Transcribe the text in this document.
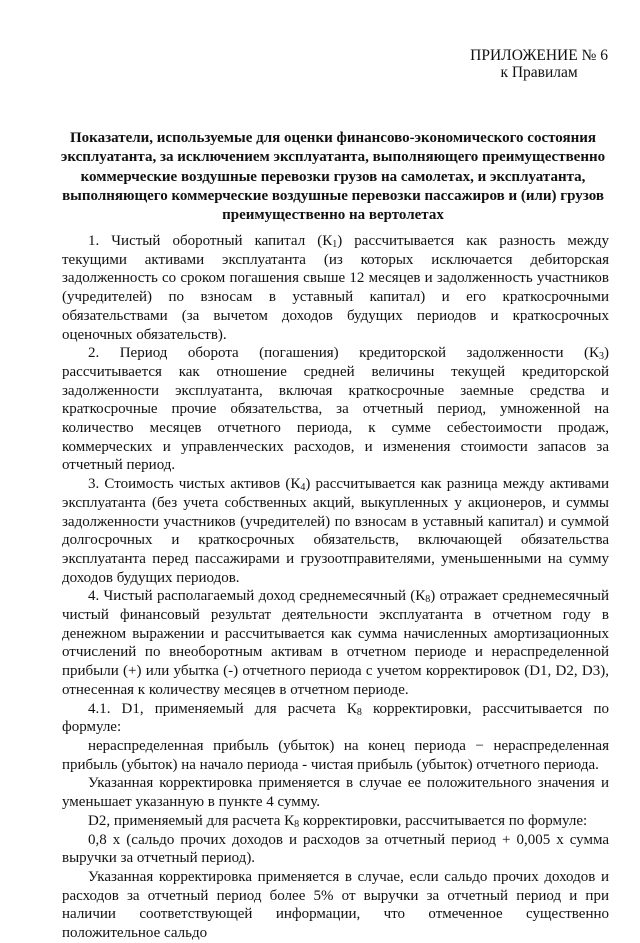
ПРИЛОЖЕНИЕ № 6
к Правилам
Показатели, используемые для оценки финансово-экономического состояния эксплуатанта, за исключением эксплуатанта, выполняющего преимущественно коммерческие воздушные перевозки грузов на самолетах, и эксплуатанта, выполняющего коммерческие воздушные перевозки пассажиров и (или) грузов преимущественно на вертолетах

1. Чистый оборотный капитал $(К_1)$ рассчитывается как разность между текущими активами эксплуатанта (из которых исключается дебиторская задолженность со сроком погашения свыше 12 месяцев и задолженность участников (учредителей) по взносам в уставный капитал) и его краткосрочными обязательствами (за вычетом доходов будущих периодов и краткосрочных оценочных обязательств).

2. Период оборота (погашения) кредиторской задолженности $(К_3)$ рассчитывается как отношение средней величины текущей кредиторской задолженности эксплуатанта, включая краткосрочные заемные средства и краткосрочные прочие обязательства, за отчетный период, умноженной на количество месяцев отчетного периода, к сумме себестоимости продаж, коммерческих и управленческих расходов, и изменения стоимости запасов за отчетный период.

3. Стоимость чистых активов $(К_4)$ рассчитывается как разница между активами эксплуатанта (без учета собственных акций, выкупленных у акционеров, и суммы задолженности участников (учредителей) по взносам в уставный капитал) и суммой долгосрочных и краткосрочных обязательств, включающей обязательства эксплуатанта перед пассажирами и грузоотправителями, уменьшенными на сумму доходов будущих периодов.

4. Чистый располагаемый доход среднемесячный $(К_8)$ отражает среднемесячный чистый финансовый результат деятельности эксплуатанта в отчетном году в денежном выражении и рассчитывается как сумма начисленных амортизационных отчислений по внеоборотным активам в отчетном периоде и нераспределенной прибыли (+) или убытка (-) отчетного периода с учетом корректировок (D1, D2, D3), отнесенная к количеству месяцев в отчетном периоде.

4.1. D1, применяемый для расчета $К_8$ корректировки, рассчитывается по формуле:

нераспределенная прибыль (убыток) на конец периода − нераспределенная прибыль (убыток) на начало периода - чистая прибыль (убыток) отчетного периода.

Указанная корректировка применяется в случае ее положительного значения и уменьшает указанную в пункте 4 сумму.

D2, применяемый для расчета $К_8$ корректировки, рассчитывается по формуле:

0,8 х (сальдо прочих доходов и расходов за отчетный период + 0,005 х сумма выручки за отчетный период).

Указанная корректировка применяется в случае, если сальдо прочих доходов и расходов за отчетный период более 5% от выручки за отчетный период и при наличии соответствующей информации, что отмеченное существенно положительное сальдо
